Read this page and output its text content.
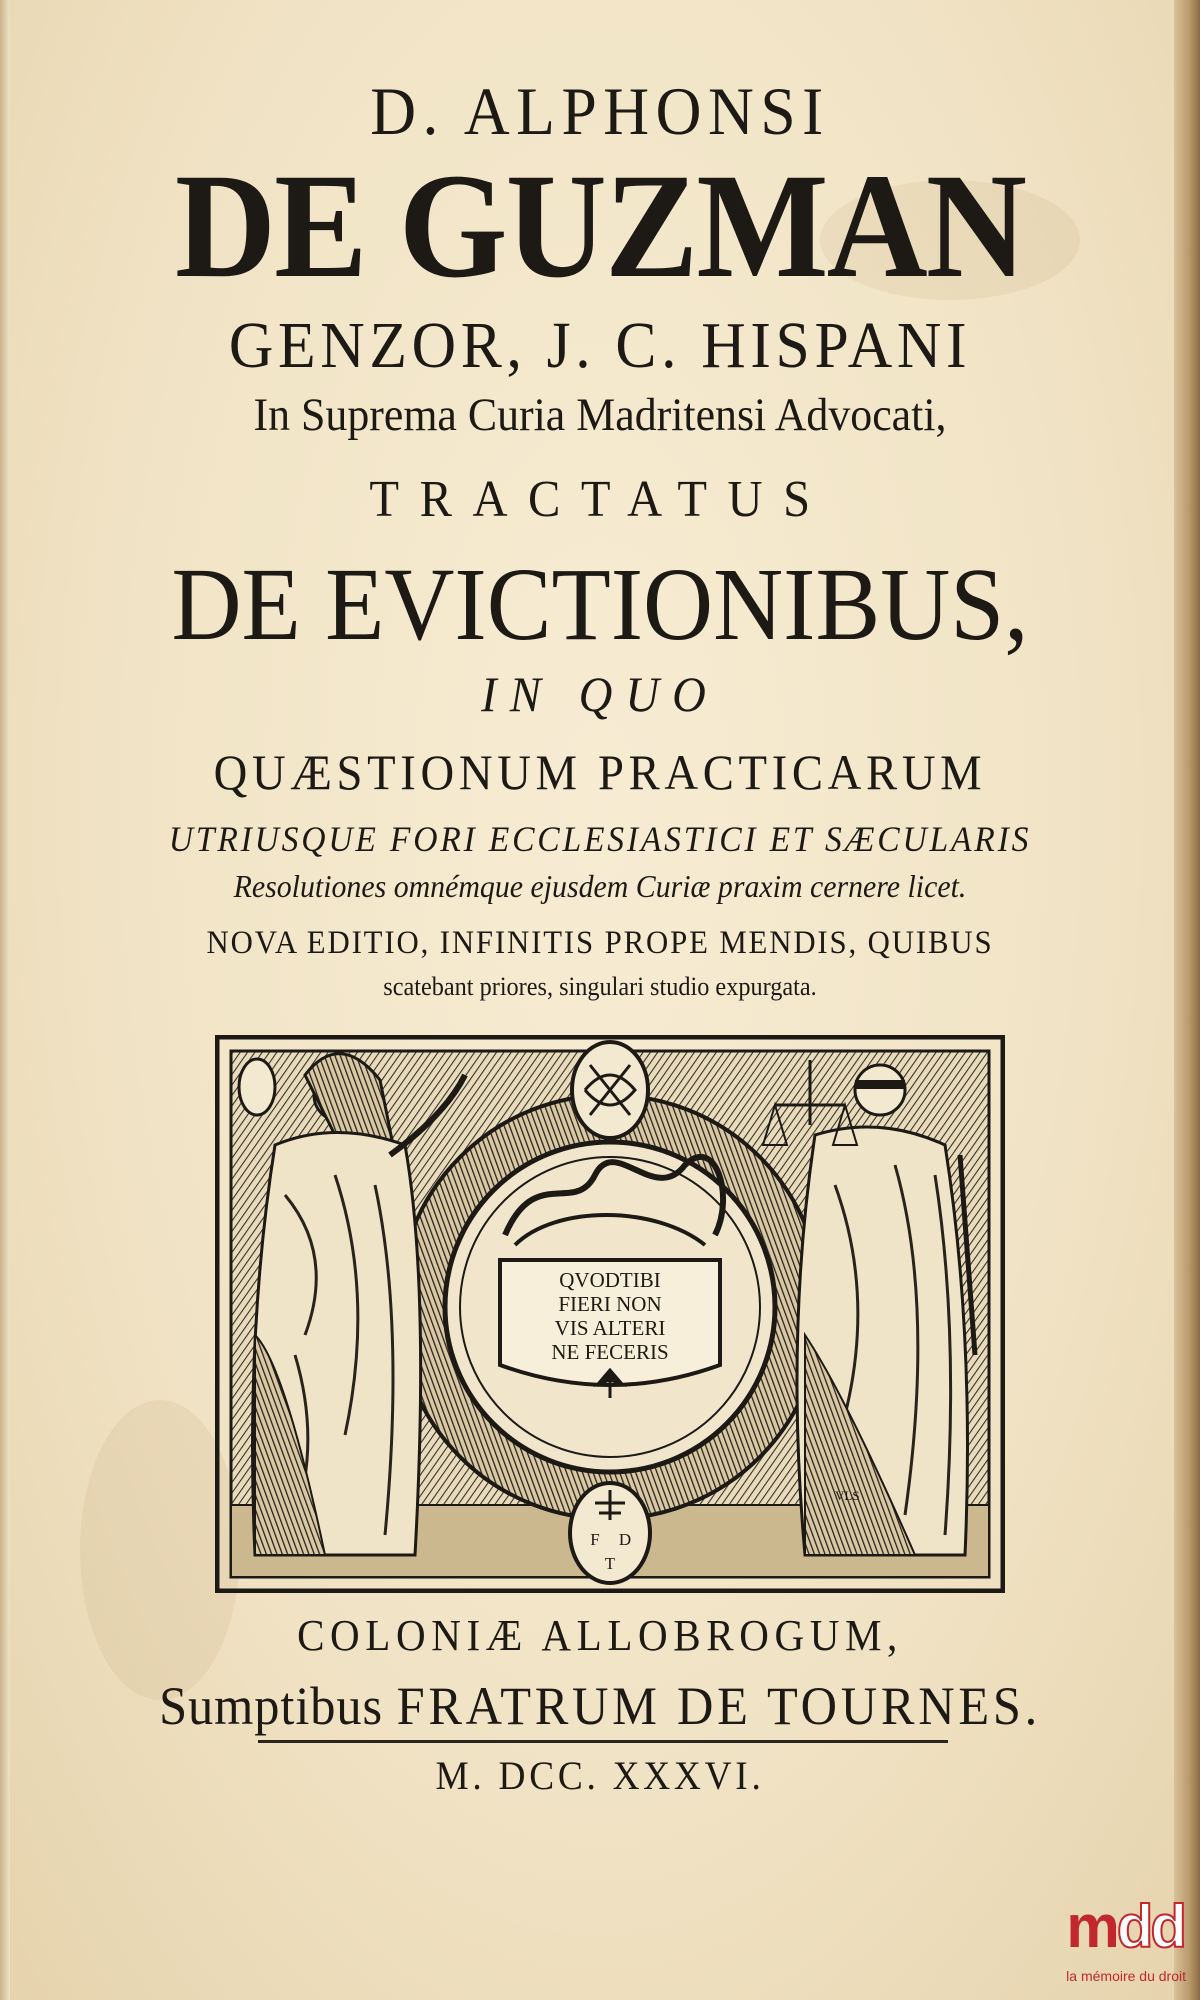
D. ALPHONSI

DE GUZMAN

GENZOR, J. C. HISPANI

In Suprema Curia Madritensi Advocati,

TRACTATUS

DE EVICTIONIBUS,

IN QUO

QUÆSTIONUM PRACTICARUM

UTRIUSQUE FORI ECCLESIASTICI ET SÆCULARIS

Resolutiones omnémque ejusdem Curiæ praxim cernere licet.

NOVA EDITIO, INFINITIS PROPE MENDIS, QUIBUS

scatebant priores, singulari studio expurgata.

QVODTIBI
FIERI NON
VIS ALTERI
NE FECERIS
F D
T
VLS

COLONIÆ ALLOBROGUM,

Sumptibus FRATRUM DE TOURNES.

M. DCC. XXXVI.

mdd
la mémoire du droit
